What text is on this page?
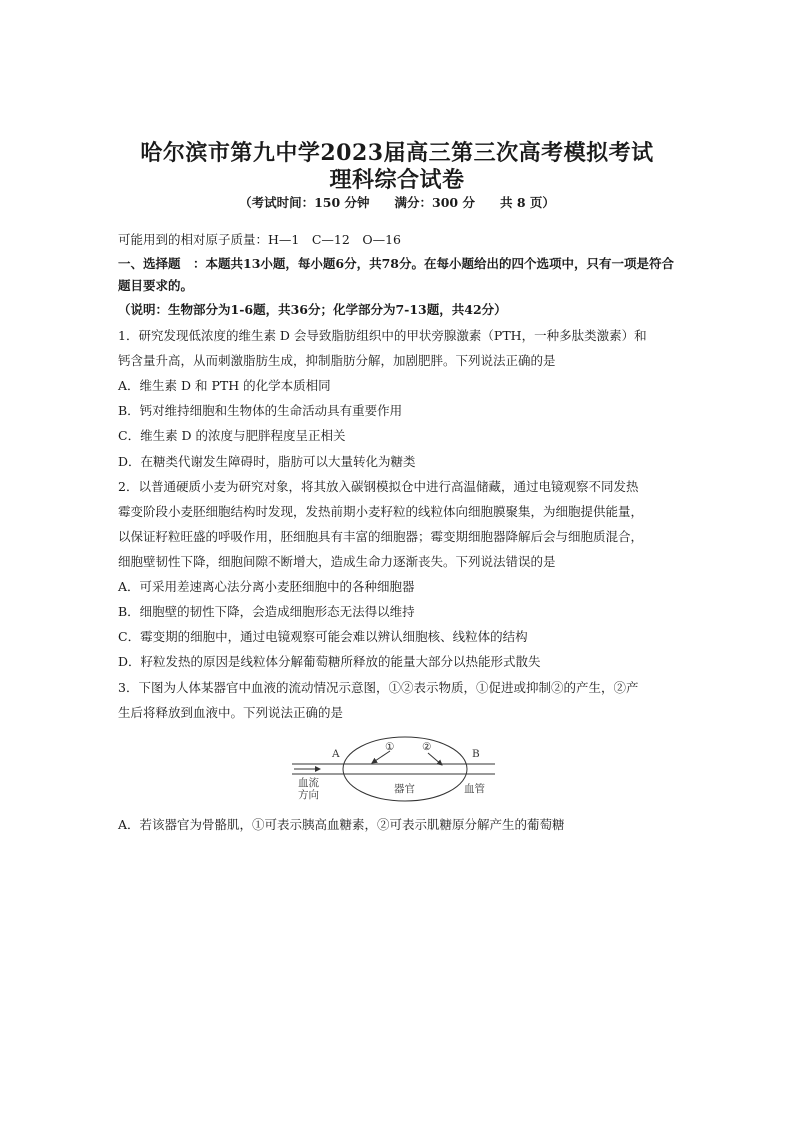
哈尔滨市第九中学2023届高三第三次高考模拟考试
理科综合试卷
（考试时间：150 分钟　　满分：300 分　　共 8 页）
可能用到的相对原子质量：H—1　C—12　O—16
一、选择题　：本题共13小题，每小题6分，共78分。在每小题给出的四个选项中，只有一项是符合
题目要求的。
（说明：生物部分为1-6题，共36分；化学部分为7-13题，共42分）
1．研究发现低浓度的维生素 D 会导致脂肪组织中的甲状旁腺激素（PTH，一种多肽类激素）和
钙含量升高，从而刺激脂肪生成，抑制脂肪分解，加剧肥胖。下列说法正确的是
A．维生素 D 和 PTH 的化学本质相同
B．钙对维持细胞和生物体的生命活动具有重要作用
C．维生素 D 的浓度与肥胖程度呈正相关
D．在糖类代谢发生障碍时，脂肪可以大量转化为糖类
2．以普通硬质小麦为研究对象，将其放入碳钢模拟仓中进行高温储藏，通过电镜观察不同发热
霉变阶段小麦胚细胞结构时发现，发热前期小麦籽粒的线粒体向细胞膜聚集，为细胞提供能量，
以保证籽粒旺盛的呼吸作用，胚细胞具有丰富的细胞器；霉变期细胞器降解后会与细胞质混合，
细胞壁韧性下降，细胞间隙不断增大，造成生命力逐渐丧失。下列说法错误的是
A．可采用差速离心法分离小麦胚细胞中的各种细胞器
B．细胞壁的韧性下降，会造成细胞形态无法得以维持
C．霉变期的细胞中，通过电镜观察可能会难以辨认细胞核、线粒体的结构
D．籽粒发热的原因是线粒体分解葡萄糖所释放的能量大部分以热能形式散失
3．下图为人体某器官中血液的流动情况示意图，①②表示物质，①促进或抑制②的产生，②产
生后将释放到血液中。下列说法正确的是
A	B
①	②
血流
方向	器官	血管
A．若该器官为骨骼肌，①可表示胰高血糖素，②可表示肌糖原分解产生的葡萄糖
